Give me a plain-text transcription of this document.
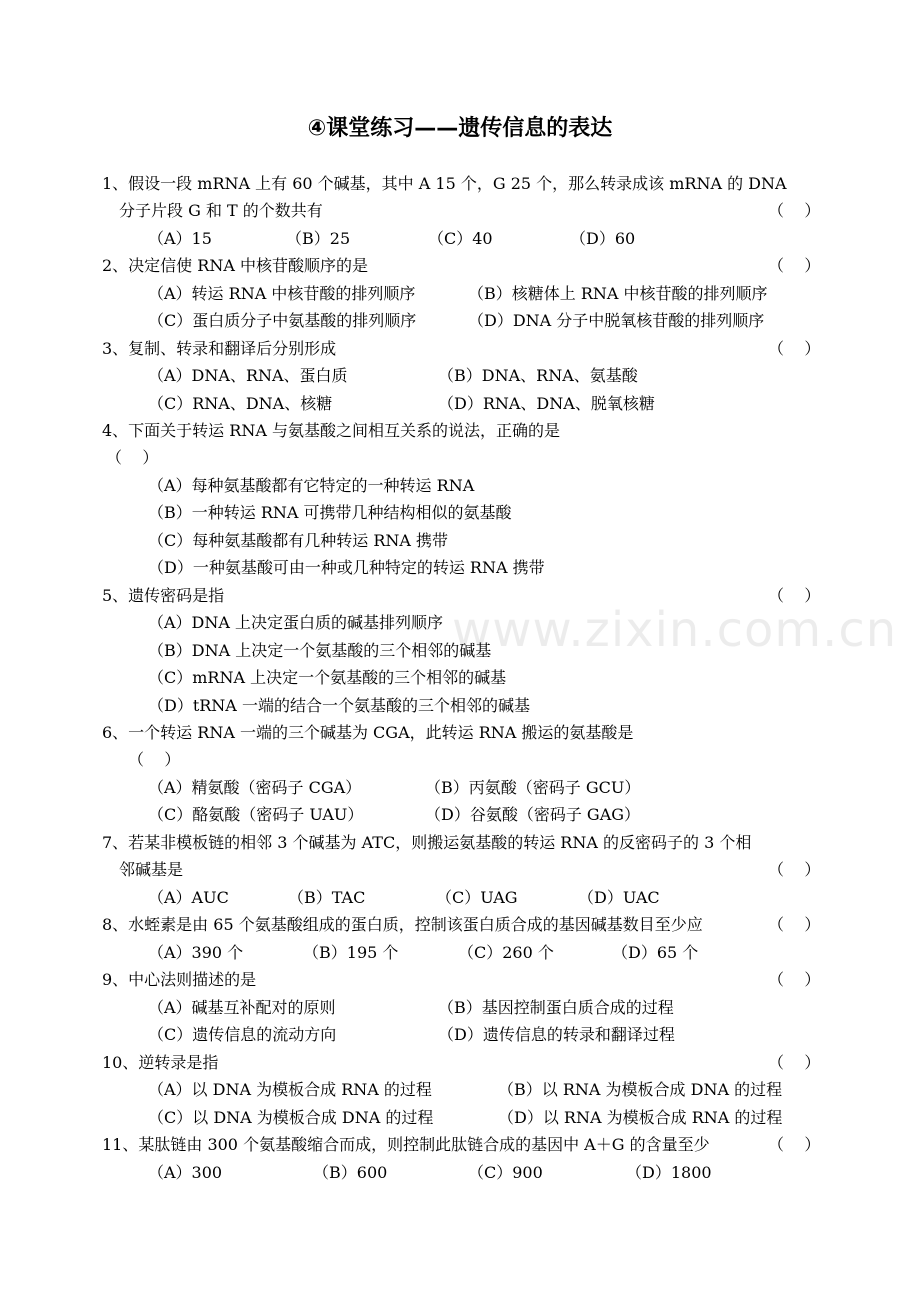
④课堂练习——遗传信息的表达
www.zixin.com.cn
1、假设一段 mRNA 上有 60 个碱基，其中 A 15 个，G 25 个，那么转录成该 mRNA 的 DNA
分子片段 G 和 T 的个数共有	（    ）
（A）15	（B）25	（C）40	（D）60
2、决定信使 RNA 中核苷酸顺序的是	（    ）
（A）转运 RNA 中核苷酸的排列顺序	（B）核糖体上 RNA 中核苷酸的排列顺序
（C）蛋白质分子中氨基酸的排列顺序	（D）DNA 分子中脱氧核苷酸的排列顺序
3、复制、转录和翻译后分别形成	（    ）
（A）DNA、RNA、蛋白质	（B）DNA、RNA、氨基酸
（C）RNA、DNA、核糖	（D）RNA、DNA、脱氧核糖
4、下面关于转运 RNA 与氨基酸之间相互关系的说法，正确的是
（    ）
（A）每种氨基酸都有它特定的一种转运 RNA
（B）一种转运 RNA 可携带几种结构相似的氨基酸
（C）每种氨基酸都有几种转运 RNA 携带
（D）一种氨基酸可由一种或几种特定的转运 RNA 携带
5、遗传密码是指	（    ）
（A）DNA 上决定蛋白质的碱基排列顺序
（B）DNA 上决定一个氨基酸的三个相邻的碱基
（C）mRNA 上决定一个氨基酸的三个相邻的碱基
（D）tRNA 一端的结合一个氨基酸的三个相邻的碱基
6、一个转运 RNA 一端的三个碱基为 CGA，此转运 RNA 搬运的氨基酸是
（    ）
（A）精氨酸（密码子 CGA）	（B）丙氨酸（密码子 GCU）
（C）酪氨酸（密码子 UAU）	（D）谷氨酸（密码子 GAG）
7、若某非模板链的相邻 3 个碱基为 ATC，则搬运氨基酸的转运 RNA 的反密码子的 3 个相
邻碱基是	（    ）
（A）AUC	（B）TAC	（C）UAG	（D）UAC
8、水蛭素是由 65 个氨基酸组成的蛋白质，控制该蛋白质合成的基因碱基数目至少应	（    ）
（A）390 个	（B）195 个	（C）260 个	（D）65 个
9、中心法则描述的是	（    ）
（A）碱基互补配对的原则	（B）基因控制蛋白质合成的过程
（C）遗传信息的流动方向	（D）遗传信息的转录和翻译过程
10、逆转录是指	（    ）
（A）以 DNA 为模板合成 RNA 的过程	（B）以 RNA 为模板合成 DNA 的过程
（C）以 DNA 为模板合成 DNA 的过程	（D）以 RNA 为模板合成 RNA 的过程
11、某肽链由 300 个氨基酸缩合而成，则控制此肽链合成的基因中 A＋G 的含量至少	（    ）
（A）300	（B）600	（C）900	（D）1800
